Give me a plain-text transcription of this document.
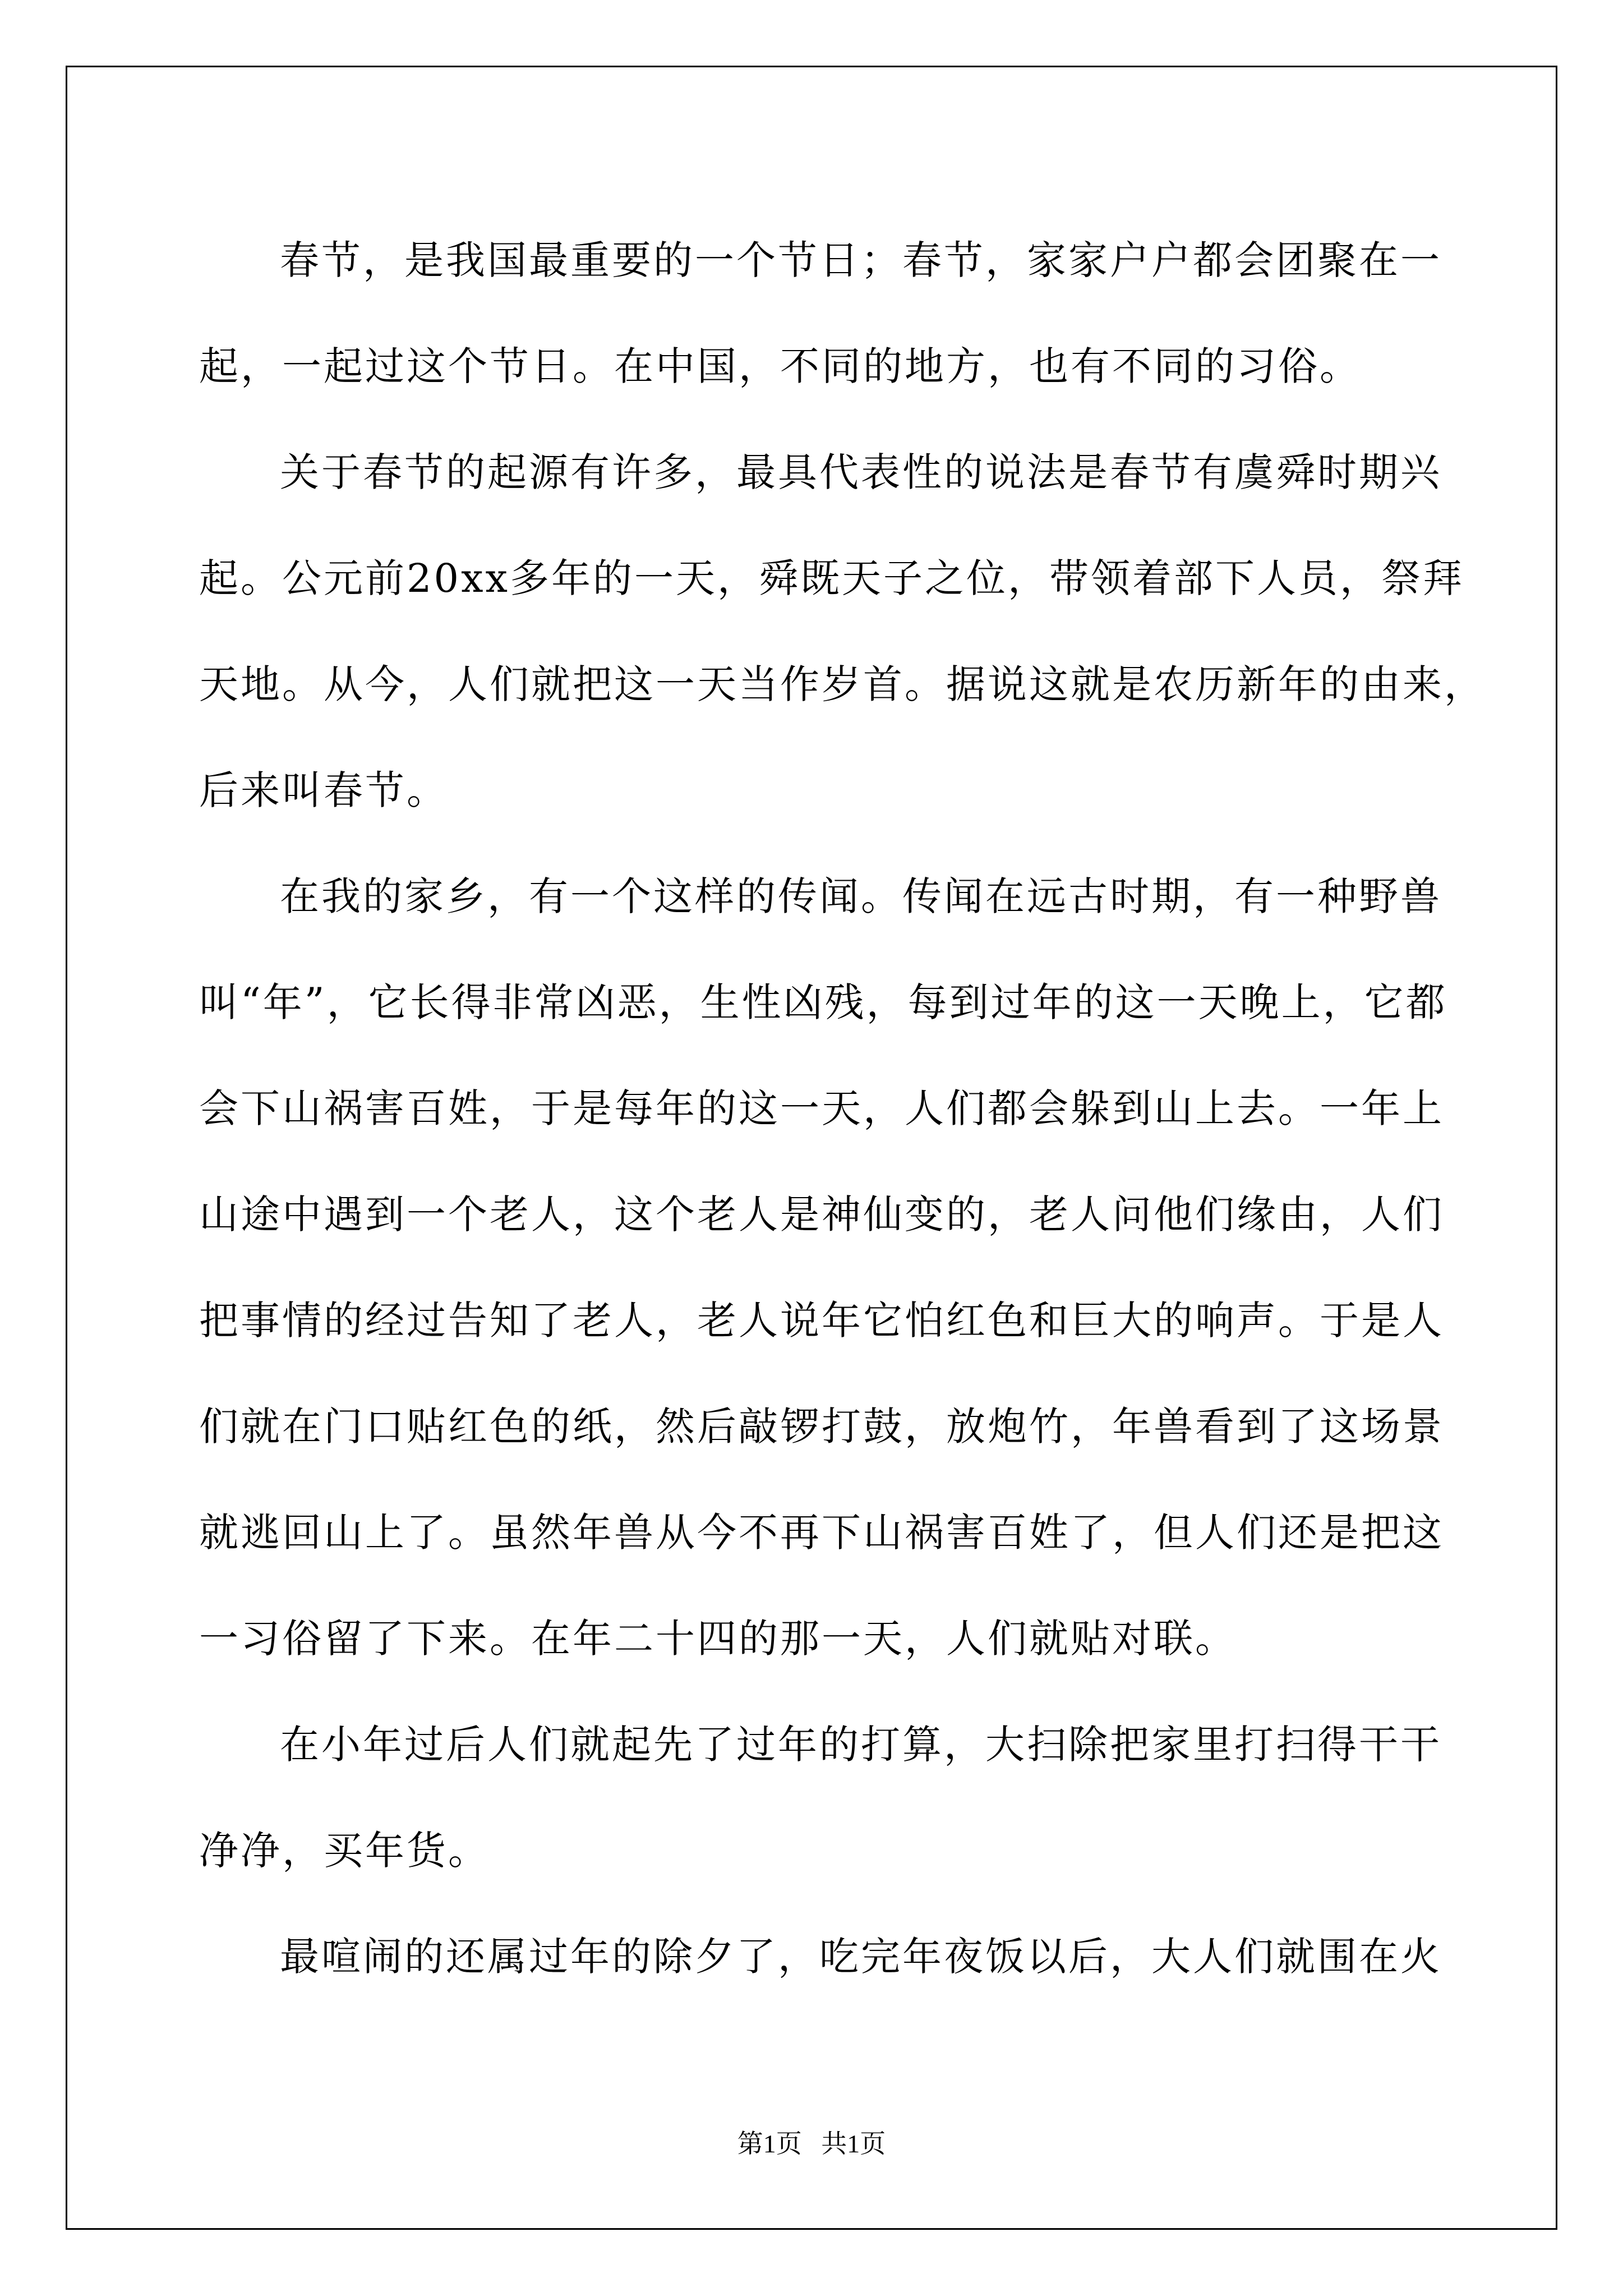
春节，是我国最重要的一个节日；春节，家家户户都会团聚在一
起，一起过这个节日。在中国，不同的地方，也有不同的习俗。
关于春节的起源有许多，最具代表性的说法是春节有虞舜时期兴
起。公元前20xx多年的一天，舜既天子之位，带领着部下人员，祭拜
天地。从今，人们就把这一天当作岁首。据说这就是农历新年的由来，
后来叫春节。
在我的家乡，有一个这样的传闻。传闻在远古时期，有一种野兽
叫“年”，它长得非常凶恶，生性凶残，每到过年的这一天晚上，它都
会下山祸害百姓，于是每年的这一天，人们都会躲到山上去。一年上
山途中遇到一个老人，这个老人是神仙变的，老人问他们缘由，人们
把事情的经过告知了老人，老人说年它怕红色和巨大的响声。于是人
们就在门口贴红色的纸，然后敲锣打鼓，放炮竹，年兽看到了这场景
就逃回山上了。虽然年兽从今不再下山祸害百姓了，但人们还是把这
一习俗留了下来。在年二十四的那一天，人们就贴对联。
在小年过后人们就起先了过年的打算，大扫除把家里打扫得干干
净净，买年货。
最喧闹的还属过年的除夕了，吃完年夜饭以后，大人们就围在火
第1页   共1页
